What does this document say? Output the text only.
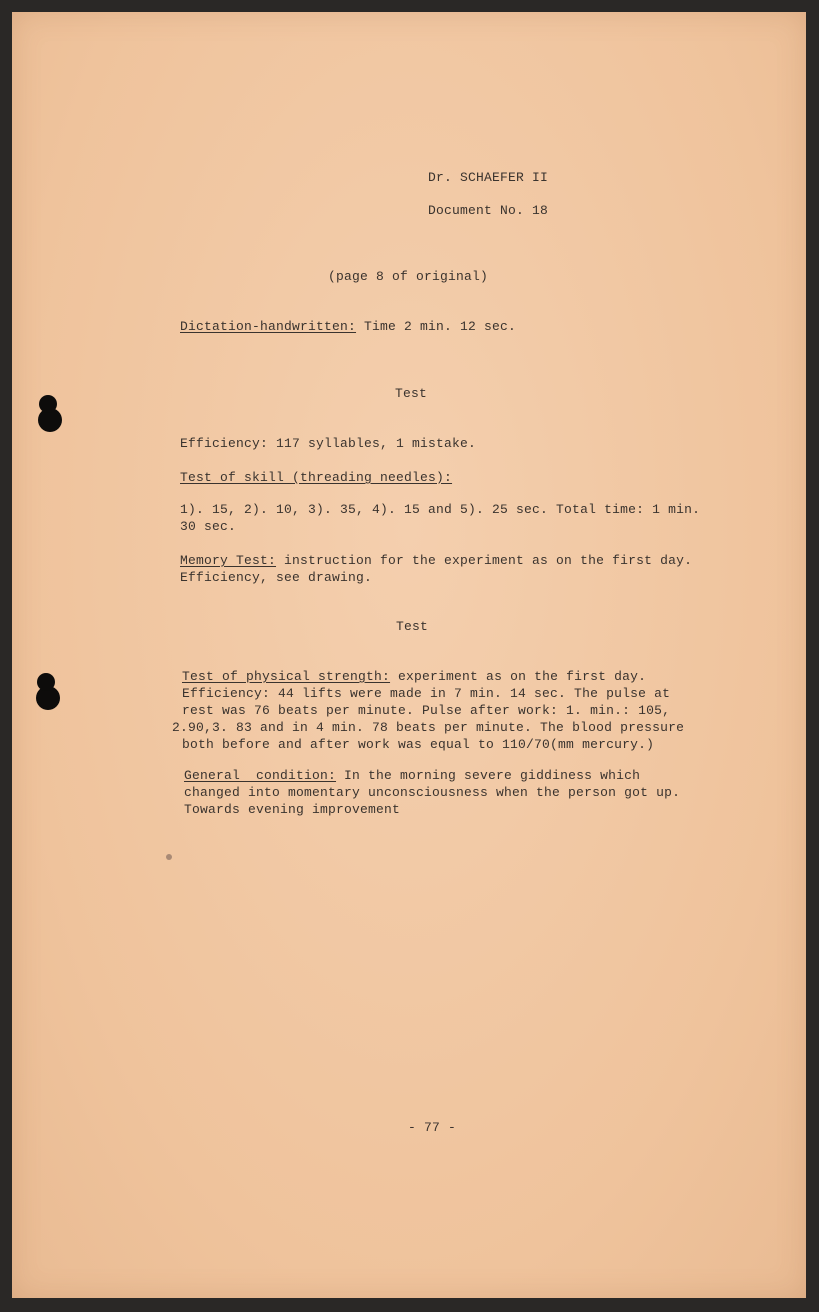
Dr. SCHAEFER II
Document No. 18
(page 8 of original)
Dictation-handwritten: Time 2 min. 12 sec.
Test
Efficiency: 117 syllables, 1 mistake.
Test of skill (threading needles):
1). 15, 2). 10, 3). 35, 4). 15 and 5). 25 sec. Total time: 1 min.
30 sec.
Memory Test: instruction for the experiment as on the first day.
Efficiency, see drawing.
Test
Test of physical strength: experiment as on the first day.
Efficiency: 44 lifts were made in 7 min. 14 sec. The pulse at
rest was 76 beats per minute. Pulse after work: 1. min.: 105,
2.90,3. 83 and in 4 min. 78 beats per minute. The blood pressure
both before and after work was equal to 110/70(mm mercury.)
General  condition: In the morning severe giddiness which
changed into momentary unconsciousness when the person got up.
Towards evening improvement
- 77 -
